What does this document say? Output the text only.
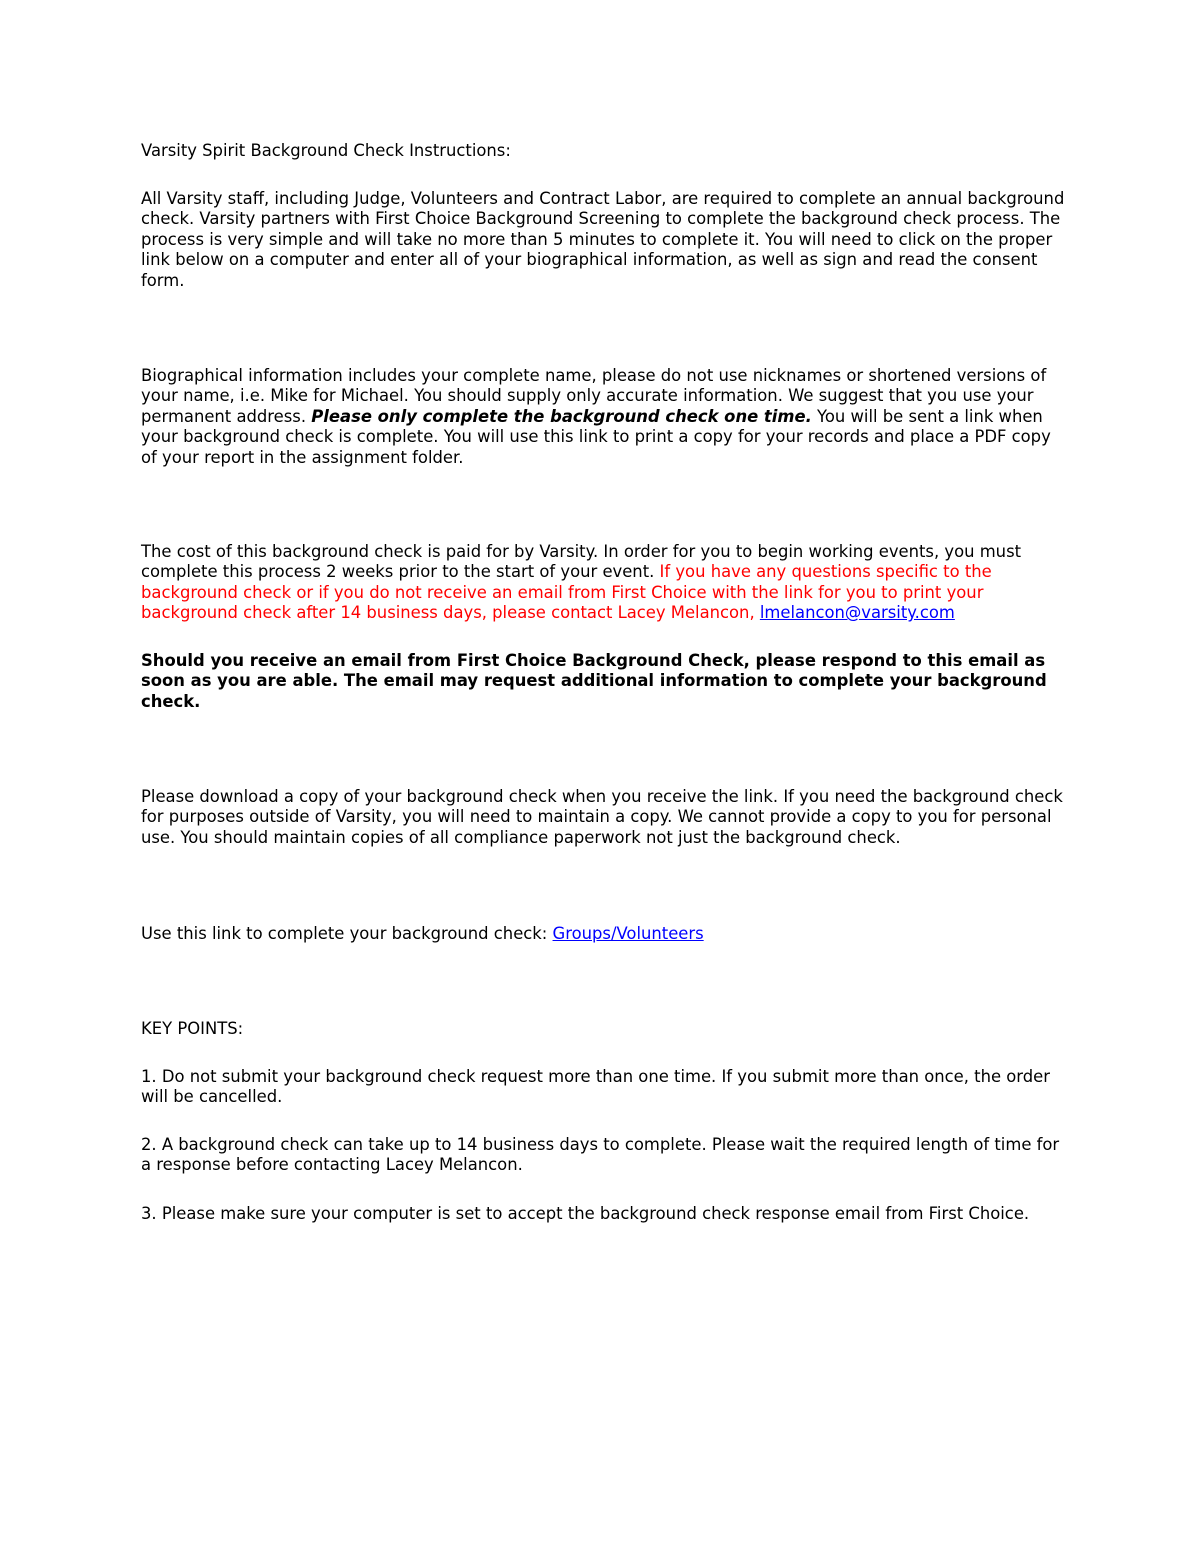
Varsity Spirit Background Check Instructions:

All Varsity staff, including Judge, Volunteers and Contract Labor, are required to complete an annual background check. Varsity partners with First Choice Background Screening to complete the background check process. The process is very simple and will take no more than 5 minutes to complete it. You will need to click on the proper link below on a computer and enter all of your biographical information, as well as sign and read the consent form.

Biographical information includes your complete name, please do not use nicknames or shortened versions of your name, i.e. Mike for Michael. You should supply only accurate information. We suggest that you use your permanent address. Please only complete the background check one time. You will be sent a link when your background check is complete. You will use this link to print a copy for your records and place a PDF copy of your report in the assignment folder.

The cost of this background check is paid for by Varsity. In order for you to begin working events, you must complete this process 2 weeks prior to the start of your event. If you have any questions specific to the background check or if you do not receive an email from First Choice with the link for you to print your background check after 14 business days, please contact Lacey Melancon, lmelancon@varsity.com

Should you receive an email from First Choice Background Check, please respond to this email as soon as you are able. The email may request additional information to complete your background check.

Please download a copy of your background check when you receive the link. If you need the background check for purposes outside of Varsity, you will need to maintain a copy. We cannot provide a copy to you for personal use. You should maintain copies of all compliance paperwork not just the background check.

Use this link to complete your background check: Groups/Volunteers

KEY POINTS:

1. Do not submit your background check request more than one time. If you submit more than once, the order will be cancelled.

2. A background check can take up to 14 business days to complete. Please wait the required length of time for a response before contacting Lacey Melancon.

3. Please make sure your computer is set to accept the background check response email from First Choice.
